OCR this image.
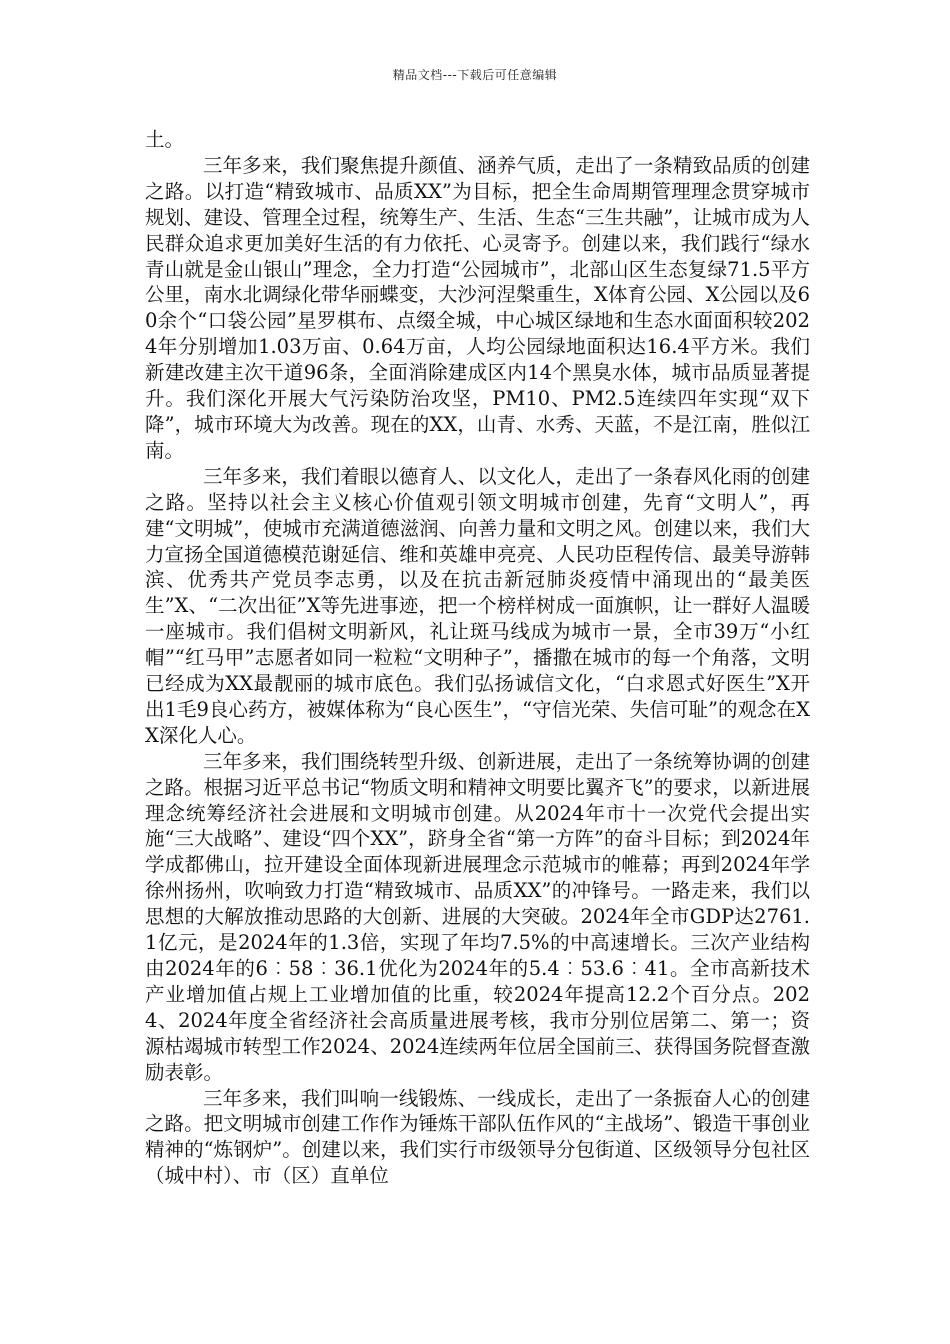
精品文档---下载后可任意编辑

土。

三年多来，我们聚焦提升颜值、涵养气质，走出了一条精致品质的创建之路。以打造“精致城市、品质XX”为目标，把全生命周期管理理念贯穿城市规划、建设、管理全过程，统筹生产、生活、生态“三生共融”，让城市成为人民群众追求更加美好生活的有力依托、心灵寄予。创建以来，我们践行“绿水青山就是金山银山”理念，全力打造“公园城市”，北部山区生态复绿71.5平方公里，南水北调绿化带华丽蝶变，大沙河涅槃重生，X体育公园、X公园以及60余个“口袋公园”星罗棋布、点缀全城，中心城区绿地和生态水面面积较2024年分别增加1.03万亩、0.64万亩，人均公园绿地面积达16.4平方米。我们新建改建主次干道96条，全面消除建成区内14个黑臭水体，城市品质显著提升。我们深化开展大气污染防治攻坚，PM10、PM2.5连续四年实现“双下降”，城市环境大为改善。现在的XX，山青、水秀、天蓝，不是江南，胜似江南。

三年多来，我们着眼以德育人、以文化人，走出了一条春风化雨的创建之路。坚持以社会主义核心价值观引领文明城市创建，先育“文明人”，再建“文明城”，使城市充满道德滋润、向善力量和文明之风。创建以来，我们大力宣扬全国道德模范谢延信、维和英雄申亮亮、人民功臣程传信、最美导游韩滨、优秀共产党员李志勇，以及在抗击新冠肺炎疫情中涌现出的“最美医生”X、“二次出征”X等先进事迹，把一个榜样树成一面旗帜，让一群好人温暖一座城市。我们倡树文明新风，礼让斑马线成为城市一景，全市39万“小红帽”“红马甲”志愿者如同一粒粒“文明种子”，播撒在城市的每一个角落，文明已经成为XX最靓丽的城市底色。我们弘扬诚信文化，“白求恩式好医生”X开出1毛9良心药方，被媒体称为“良心医生”，“守信光荣、失信可耻”的观念在XX深化人心。

三年多来，我们围绕转型升级、创新进展，走出了一条统筹协调的创建之路。根据习近平总书记“物质文明和精神文明要比翼齐飞”的要求，以新进展理念统筹经济社会进展和文明城市创建。从2024年市十一次党代会提出实施“三大战略”、建设“四个XX”，跻身全省“第一方阵”的奋斗目标；到2024年学成都佛山，拉开建设全面体现新进展理念示范城市的帷幕；再到2024年学徐州扬州，吹响致力打造“精致城市、品质XX”的冲锋号。一路走来，我们以思想的大解放推动思路的大创新、进展的大突破。2024年全市GDP达2761.1亿元，是2024年的1.3倍，实现了年均7.5%的中高速增长。三次产业结构由2024年的6︰58︰36.1优化为2024年的5.4︰53.6︰41。全市高新技术产业增加值占规上工业增加值的比重，较2024年提高12.2个百分点。2024、2024年度全省经济社会高质量进展考核，我市分别位居第二、第一；资源枯竭城市转型工作2024、2024连续两年位居全国前三、获得国务院督查激励表彰。

三年多来，我们叫响一线锻炼、一线成长，走出了一条振奋人心的创建之路。把文明城市创建工作作为锤炼干部队伍作风的“主战场”、锻造干事创业精神的“炼钢炉”。创建以来，我们实行市级领导分包街道、区级领导分包社区（城中村）、市（区）直单位
